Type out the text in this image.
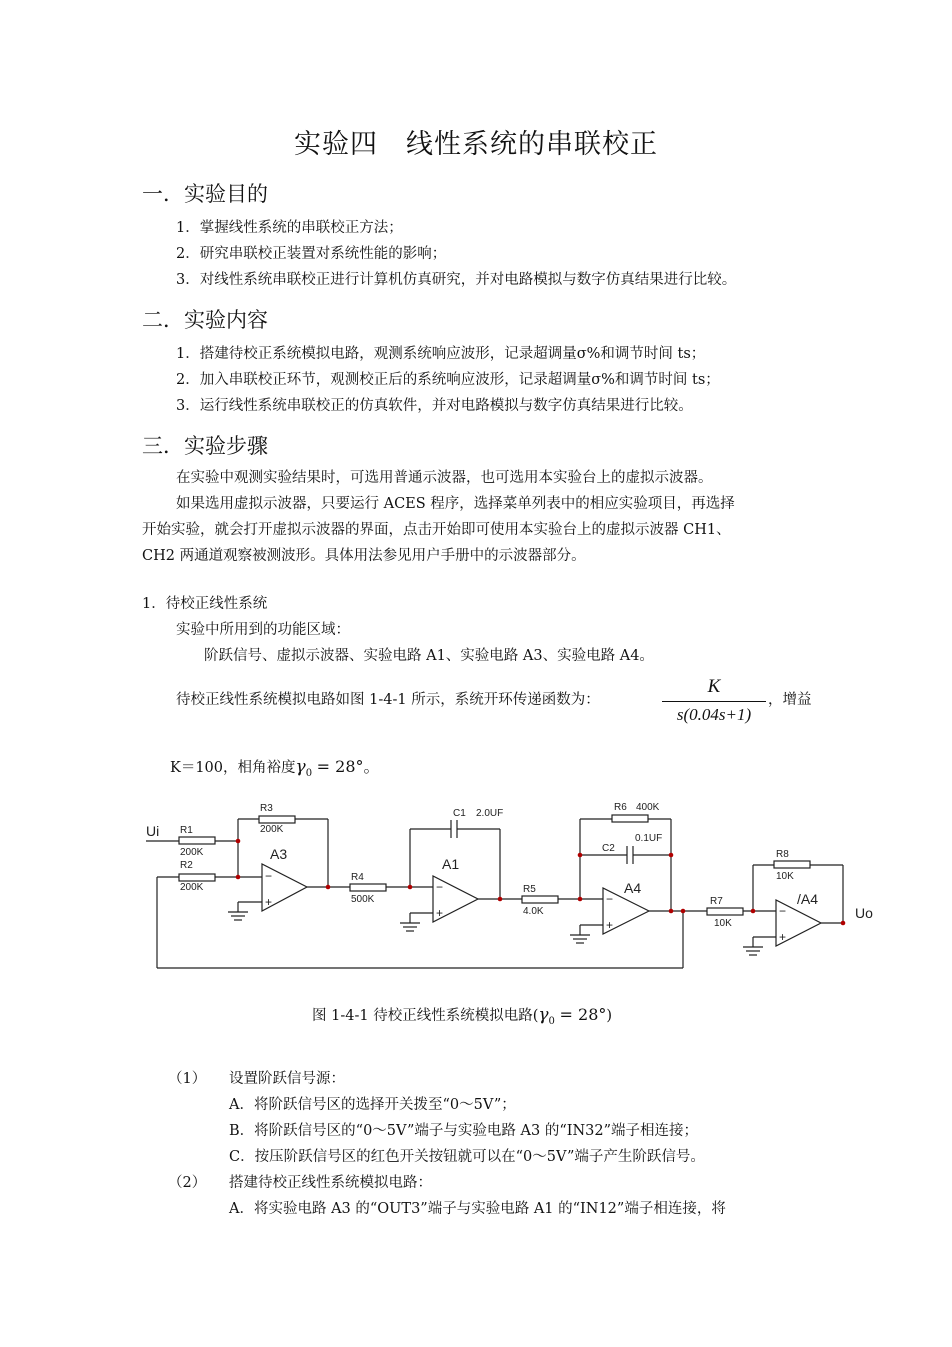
实验四　线性系统的串联校正
一．实验目的
1．掌握线性系统的串联校正方法；
2．研究串联校正装置对系统性能的影响；
3．对线性系统串联校正进行计算机仿真研究，并对电路模拟与数字仿真结果进行比较。
二．实验内容
1．搭建待校正系统模拟电路，观测系统响应波形，记录超调量σ%和调节时间 ts；
2．加入串联校正环节，观测校正后的系统响应波形，记录超调量σ%和调节时间 ts；
3．运行线性系统串联校正的仿真软件，并对电路模拟与数字仿真结果进行比较。
三．实验步骤
在实验中观测实验结果时，可选用普通示波器，也可选用本实验台上的虚拟示波器。
如果选用虚拟示波器，只要运行 ACES 程序，选择菜单列表中的相应实验项目，再选择
开始实验，就会打开虚拟示波器的界面，点击开始即可使用本实验台上的虚拟示波器 CH1、
CH2 两通道观察被测波形。具体用法参见用户手册中的示波器部分。
1．待校正线性系统
实验中所用到的功能区域：
阶跃信号、虚拟示波器、实验电路 A1、实验电路 A3、实验电路 A4。
待校正线性系统模拟电路如图 1-4-1 所示，系统开环传递函数为：
K
s(0.04s+1)
，增益
K＝100，相角裕度$\gamma_0 = 28^\circ$。
Ui
Uo
R1
200K
R2
200K
R3
200K
R4
500K
R5
4.0K
R6 400K
R7
10K
R8
10K
C1 2.0UF
C2
0.1UF
A3
A1
A4
/A4
−
+
−
+
−
+
−
+
图 1-4-1 待校正线性系统模拟电路$(\gamma_0 = 28^\circ)$
（1） 设置阶跃信号源：
A．将阶跃信号区的选择开关拨至“0～5V”；
B．将阶跃信号区的“0～5V”端子与实验电路 A3 的“IN32”端子相连接；
C．按压阶跃信号区的红色开关按钮就可以在“0～5V”端子产生阶跃信号。
（2） 搭建待校正线性系统模拟电路：
A．将实验电路 A3 的“OUT3”端子与实验电路 A1 的“IN12”端子相连接，将
